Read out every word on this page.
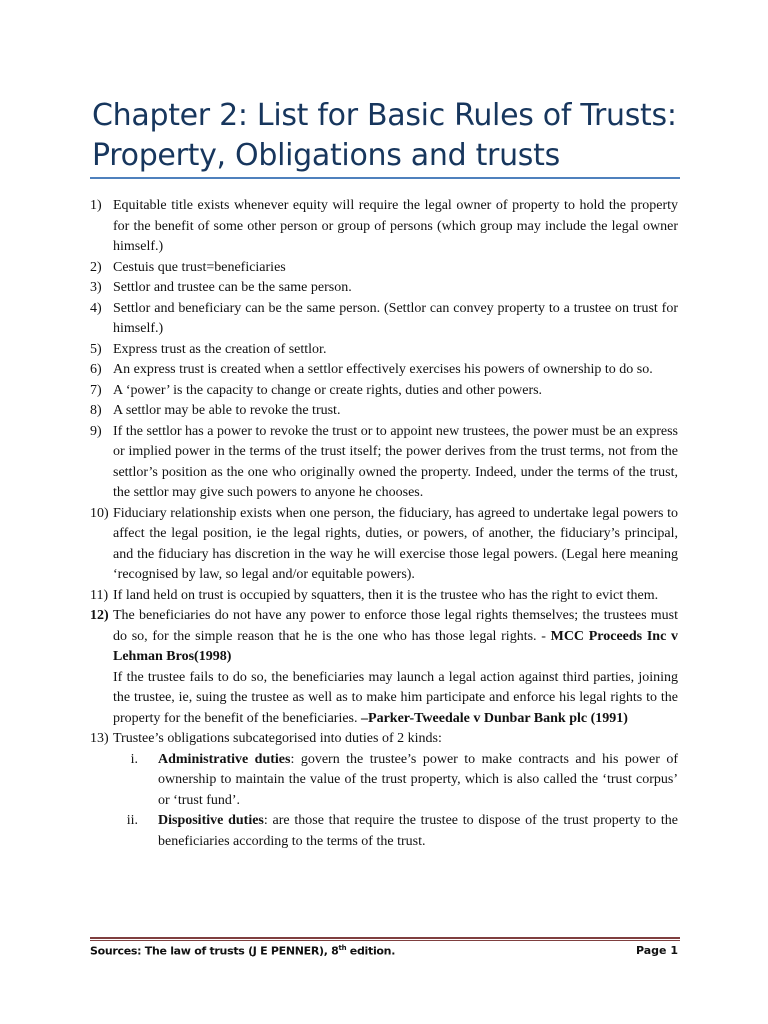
Chapter 2: List for Basic Rules of Trusts:
Property, Obligations and trusts
1) Equitable title exists whenever equity will require the legal owner of property to hold the property for the benefit of some other person or group of persons (which group may include the legal owner himself.)
2) Cestuis que trust=beneficiaries
3) Settlor and trustee can be the same person.
4) Settlor and beneficiary can be the same person. (Settlor can convey property to a trustee on trust for himself.)
5) Express trust as the creation of settlor.
6) An express trust is created when a settlor effectively exercises his powers of ownership to do so.
7) A ‘power’ is the capacity to change or create rights, duties and other powers.
8) A settlor may be able to revoke the trust.
9) If the settlor has a power to revoke the trust or to appoint new trustees, the power must be an express or implied power in the terms of the trust itself; the power derives from the trust terms, not from the settlor’s position as the one who originally owned the property. Indeed, under the terms of the trust, the settlor may give such powers to anyone he chooses.
10) Fiduciary relationship exists when one person, the fiduciary, has agreed to undertake legal powers to affect the legal position, ie the legal rights, duties, or powers, of another, the fiduciary’s principal, and the fiduciary has discretion in the way he will exercise those legal powers. (Legal here meaning ‘recognised by law, so legal and/or equitable powers).
11) If land held on trust is occupied by squatters, then it is the trustee who has the right to evict them.
12) The beneficiaries do not have any power to enforce those legal rights themselves; the trustees must do so, for the simple reason that he is the one who has those legal rights. - MCC Proceeds Inc v Lehman Bros(1998)
If the trustee fails to do so, the beneficiaries may launch a legal action against third parties, joining the trustee, ie, suing the trustee as well as to make him participate and enforce his legal rights to the property for the benefit of the beneficiaries. –Parker-Tweedale v Dunbar Bank plc (1991)
13) Trustee’s obligations subcategorised into duties of 2 kinds:
i.	Administrative duties: govern the trustee’s power to make contracts and his power of ownership to maintain the value of the trust property, which is also called the ‘trust corpus’ or ‘trust fund’.
ii.	Dispositive duties: are those that require the trustee to dispose of the trust property to the beneficiaries according to the terms of the trust.
Sources: The law of trusts (J E PENNER), 8th edition.	Page 1
